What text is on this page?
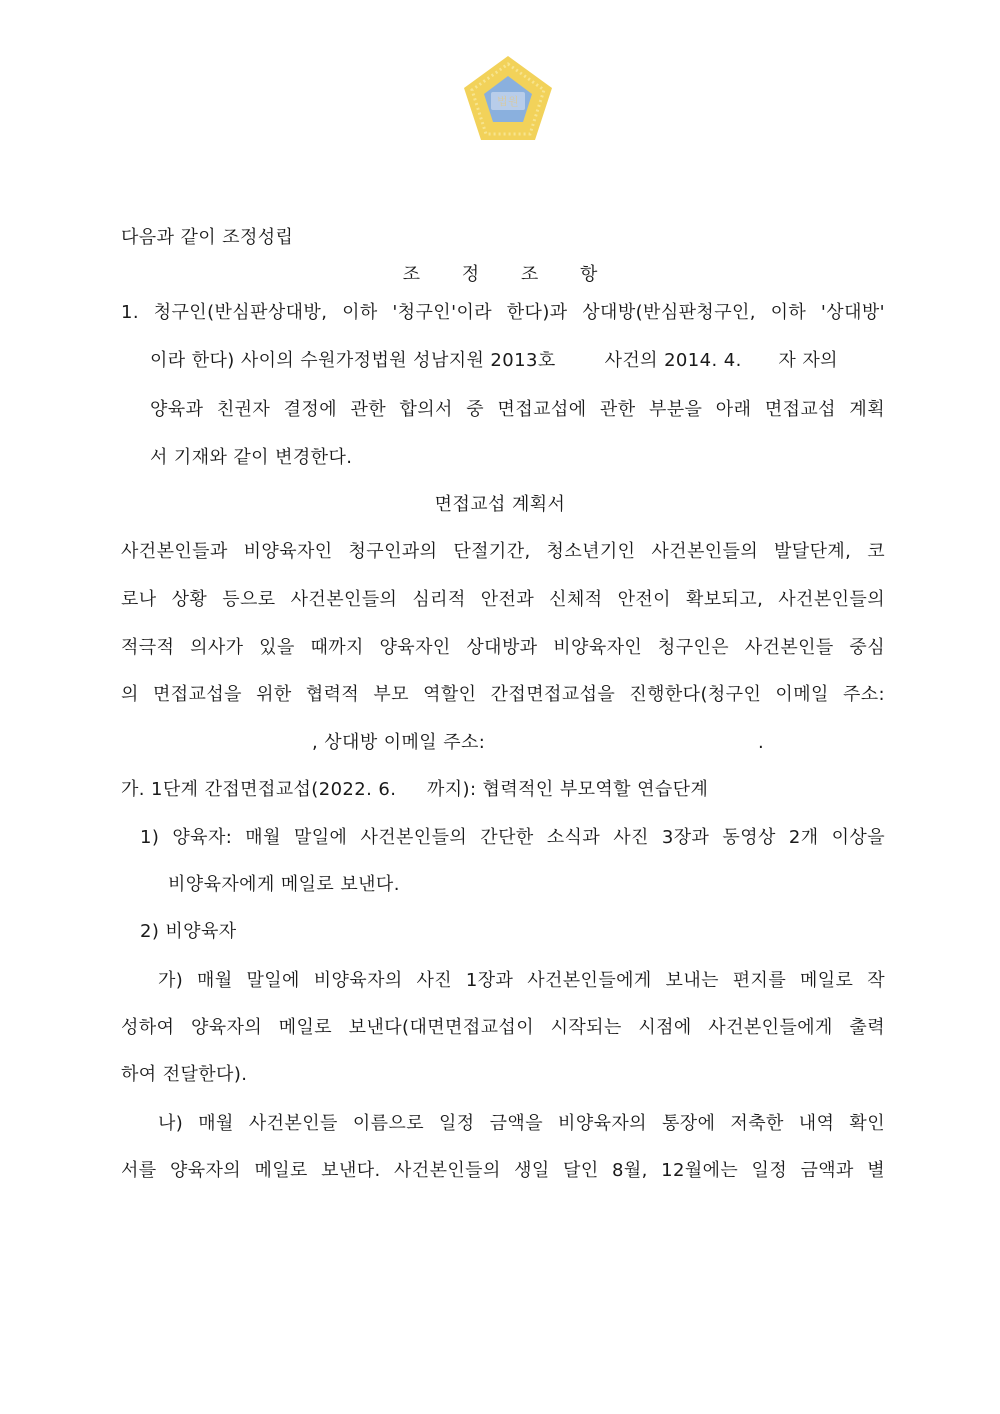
법원
다음과 같이 조정성립
조 정 조 항
1. 청구인(반심판상대방, 이하 '청구인'이라 한다)과 상대방(반심판청구인, 이하 '상대방'
이라 한다) 사이의 수원가정법원 성남지원 2013호        사건의 2014. 4.      자 자의
양육과 친권자 결정에 관한 합의서 중 면접교섭에 관한 부분을 아래 면접교섭 계획
서 기재와 같이 변경한다.
면접교섭 계획서
사건본인들과 비양육자인 청구인과의 단절기간, 청소년기인 사건본인들의 발달단계, 코
로나 상황 등으로 사건본인들의 심리적 안전과 신체적 안전이 확보되고, 사건본인들의
적극적 의사가 있을 때까지 양육자인 상대방과 비양육자인 청구인은 사건본인들 중심
의 면접교섭을 위한 협력적 부모 역할인 간접면접교섭을 진행한다(청구인 이메일 주소:
, 상대방 이메일 주소:	.
가. 1단계 간접면접교섭(2022. 6.     까지): 협력적인 부모역할 연습단계
1) 양육자: 매월 말일에 사건본인들의 간단한 소식과 사진 3장과 동영상 2개 이상을
비양육자에게 메일로 보낸다.
2) 비양육자
가) 매월 말일에 비양육자의 사진 1장과 사건본인들에게 보내는 편지를 메일로 작
성하여 양육자의 메일로 보낸다(대면면접교섭이 시작되는 시점에 사건본인들에게 출력
하여 전달한다).
나) 매월 사건본인들 이름으로 일정 금액을 비양육자의 통장에 저축한 내역 확인
서를 양육자의 메일로 보낸다. 사건본인들의 생일 달인 8월, 12월에는 일정 금액과 별
